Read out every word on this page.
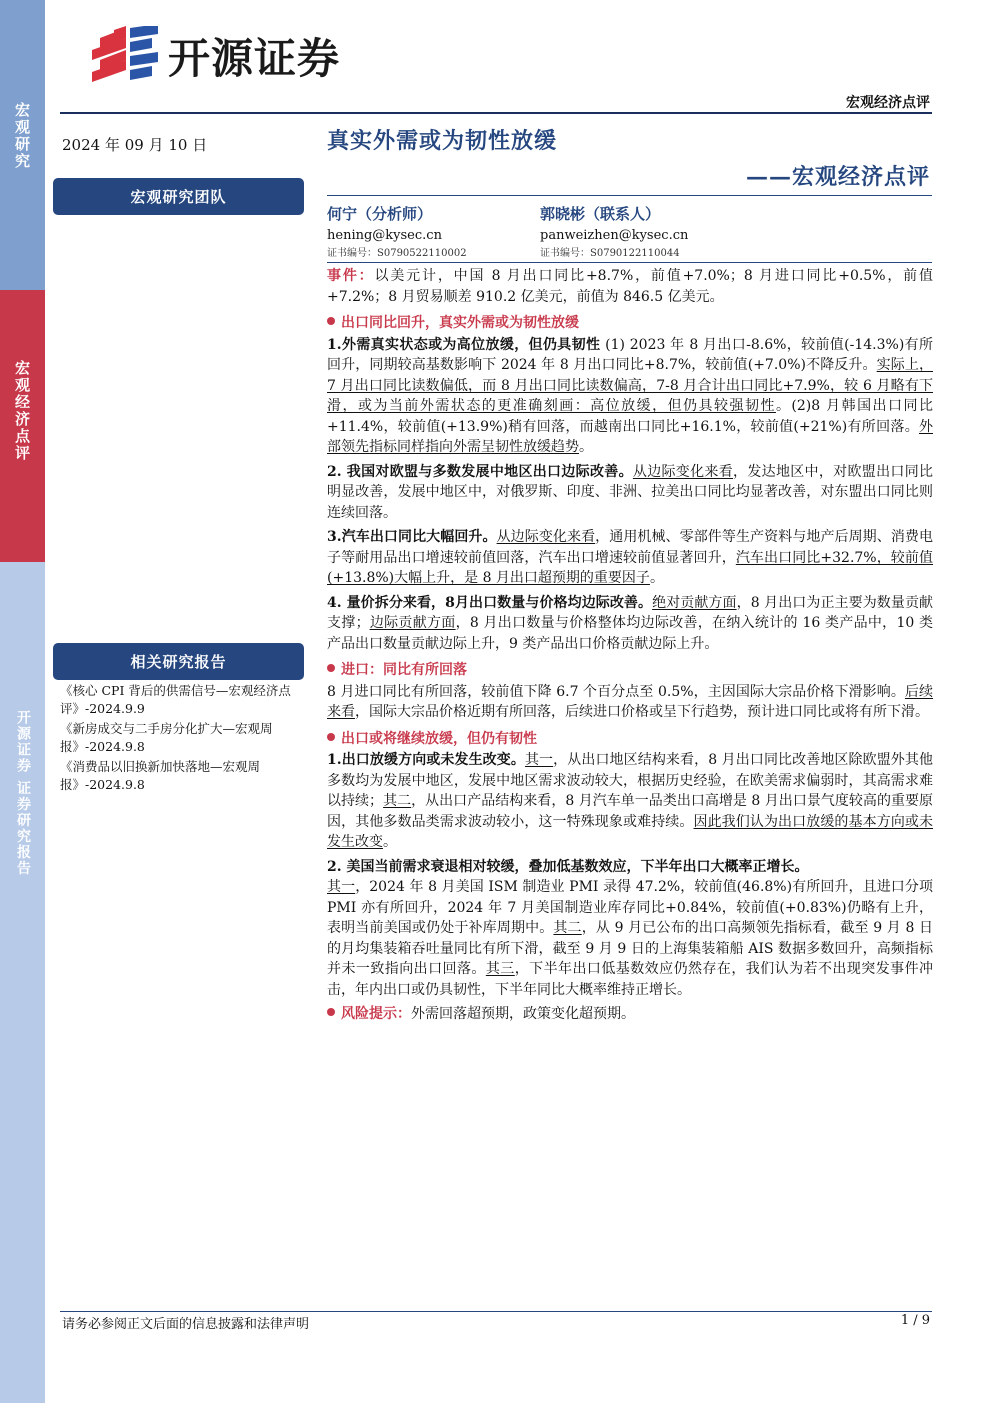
宏观研究
宏观经济点评
开源证券 证券研究报告
开源证券
宏观经济点评
2024 年 09 月 10 日
宏观研究团队
相关研究报告
《核心 CPI 背后的供需信号—宏观经济点评》-2024.9.9
《新房成交与二手房分化扩大—宏观周报》-2024.9.8
《消费品以旧换新加快落地—宏观周报》-2024.9.8
真实外需或为韧性放缓
——宏观经济点评
何宁（分析师）
hening@kysec.cn
证书编号：S0790522110002
郭晓彬（联系人）
panweizhen@kysec.cn
证书编号：S0790122110044

事件：以美元计，中国 8 月出口同比+8.7%，前值+7.0%；8 月进口同比+0.5%，前值+7.2%；8 月贸易顺差 910.2 亿美元，前值为 846.5 亿美元。

出口同比回升，真实外需或为韧性放缓

1.外需真实状态或为高位放缓，但仍具韧性 (1) 2023 年 8 月出口-8.6%，较前值(-14.3%)有所回升，同期较高基数影响下 2024 年 8 月出口同比+8.7%，较前值(+7.0%)不降反升。实际上，7 月出口同比读数偏低，而 8 月出口同比读数偏高，7-8 月合计出口同比+7.9%，较 6 月略有下滑，或为当前外需状态的更准确刻画：高位放缓，但仍具较强韧性。(2)8 月韩国出口同比+11.4%，较前值(+13.9%)稍有回落，而越南出口同比+16.1%，较前值(+21%)有所回落。外部领先指标同样指向外需呈韧性放缓趋势。

2. 我国对欧盟与多数发展中地区出口边际改善。从边际变化来看，发达地区中，对欧盟出口同比明显改善，发展中地区中，对俄罗斯、印度、非洲、拉美出口同比均显著改善，对东盟出口同比则连续回落。

3.汽车出口同比大幅回升。从边际变化来看，通用机械、零部件等生产资料与地产后周期、消费电子等耐用品出口增速较前值回落，汽车出口增速较前值显著回升，汽车出口同比+32.7%，较前值(+13.8%)大幅上升，是 8 月出口超预期的重要因子。

4. 量价拆分来看，8月出口数量与价格均边际改善。绝对贡献方面，8 月出口为正主要为数量贡献支撑；边际贡献方面，8 月出口数量与价格整体均边际改善，在纳入统计的 16 类产品中，10 类产品出口数量贡献边际上升，9 类产品出口价格贡献边际上升。

进口：同比有所回落

8 月进口同比有所回落，较前值下降 6.7 个百分点至 0.5%，主因国际大宗品价格下滑影响。后续来看，国际大宗品价格近期有所回落，后续进口价格或呈下行趋势，预计进口同比或将有所下滑。

出口或将继续放缓，但仍有韧性

1.出口放缓方向或未发生改变。其一，从出口地区结构来看，8 月出口同比改善地区除欧盟外其他多数均为发展中地区，发展中地区需求波动较大，根据历史经验，在欧美需求偏弱时，其高需求难以持续；其二，从出口产品结构来看，8 月汽车单一品类出口高增是 8 月出口景气度较高的重要原因，其他多数品类需求波动较小，这一特殊现象或难持续。因此我们认为出口放缓的基本方向或未发生改变。

2. 美国当前需求衰退相对较缓，叠加低基数效应，下半年出口大概率正增长。
其一，2024 年 8 月美国 ISM 制造业 PMI 录得 47.2%，较前值(46.8%)有所回升，且进口分项 PMI 亦有所回升，2024 年 7 月美国制造业库存同比+0.84%，较前值(+0.83%)仍略有上升，表明当前美国或仍处于补库周期中。其二，从 9 月已公布的出口高频领先指标看，截至 9 月 8 日的月均集装箱吞吐量同比有所下滑，截至 9 月 9 日的上海集装箱船 AIS 数据多数回升，高频指标并未一致指向出口回落。其三，下半年出口低基数效应仍然存在，我们认为若不出现突发事件冲击，年内出口或仍具韧性，下半年同比大概率维持正增长。

风险提示：外需回落超预期，政策变化超预期。

请务必参阅正文后面的信息披露和法律声明	1 / 9
